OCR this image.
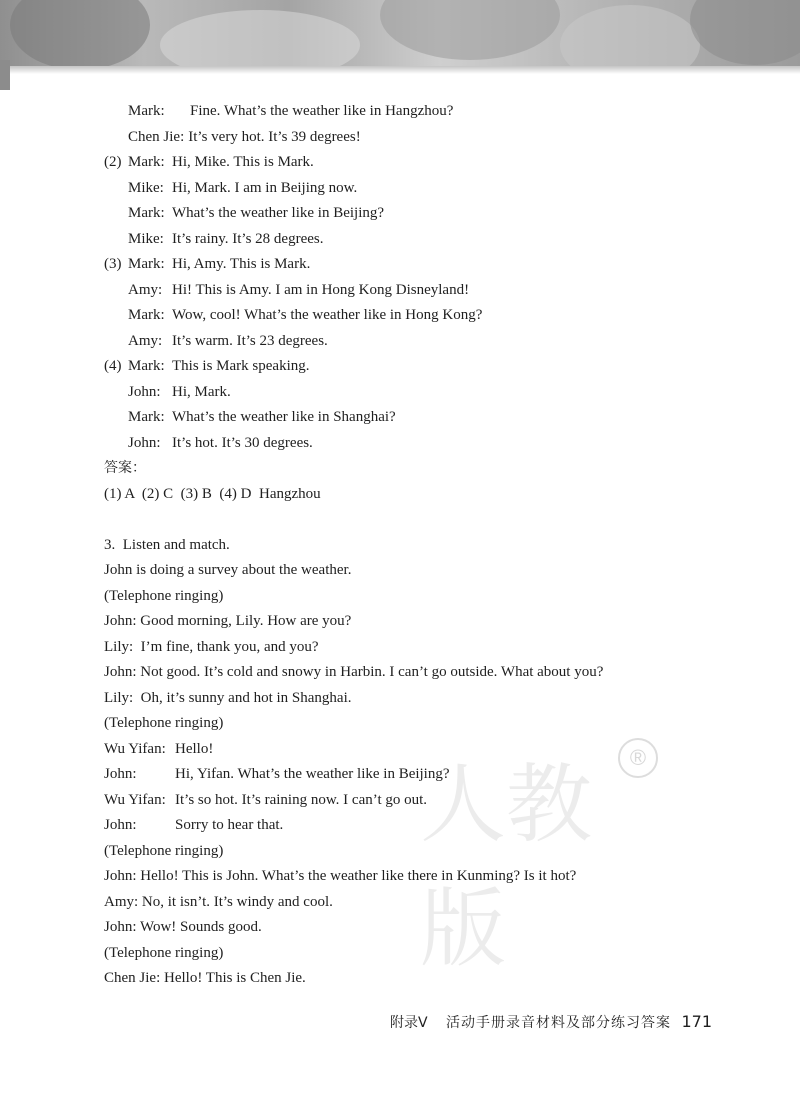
人教版
®
Mark: Fine. What’s the weather like in Hangzhou?
Chen Jie: It’s very hot. It’s 39 degrees!
(2) Mark: Hi, Mike. This is Mark.
Mike: Hi, Mark. I am in Beijing now.
Mark: What’s the weather like in Beijing?
Mike: It’s rainy. It’s 28 degrees.
(3) Mark: Hi, Amy. This is Mark.
Amy: Hi! This is Amy. I am in Hong Kong Disneyland!
Mark: Wow, cool! What’s the weather like in Hong Kong?
Amy: It’s warm. It’s 23 degrees.
(4) Mark: This is Mark speaking.
John: Hi, Mark.
Mark: What’s the weather like in Shanghai?
John: It’s hot. It’s 30 degrees.
答案：
(1) A  (2) C  (3) B  (4) D  Hangzhou
3.  Listen and match.
John is doing a survey about the weather.
(Telephone ringing)
John: Good morning, Lily. How are you?
Lily:  I’m fine, thank you, and you?
John: Not good. It’s cold and snowy in Harbin. I can’t go outside. What about you?
Lily:  Oh, it’s sunny and hot in Shanghai.
(Telephone ringing)
Wu Yifan: Hello!
John:	Hi, Yifan. What’s the weather like in Beijing?
Wu Yifan: It’s so hot. It’s raining now. I can’t go out.
John:	Sorry to hear that.
(Telephone ringing)
John: Hello! This is John. What’s the weather like there in Kunming? Is it hot?
Amy: No, it isn’t. It’s windy and cool.
John: Wow! Sounds good.
(Telephone ringing)
Chen Jie: Hello! This is Chen Jie.
附录V 活动手册录音材料及部分练习答案 171
